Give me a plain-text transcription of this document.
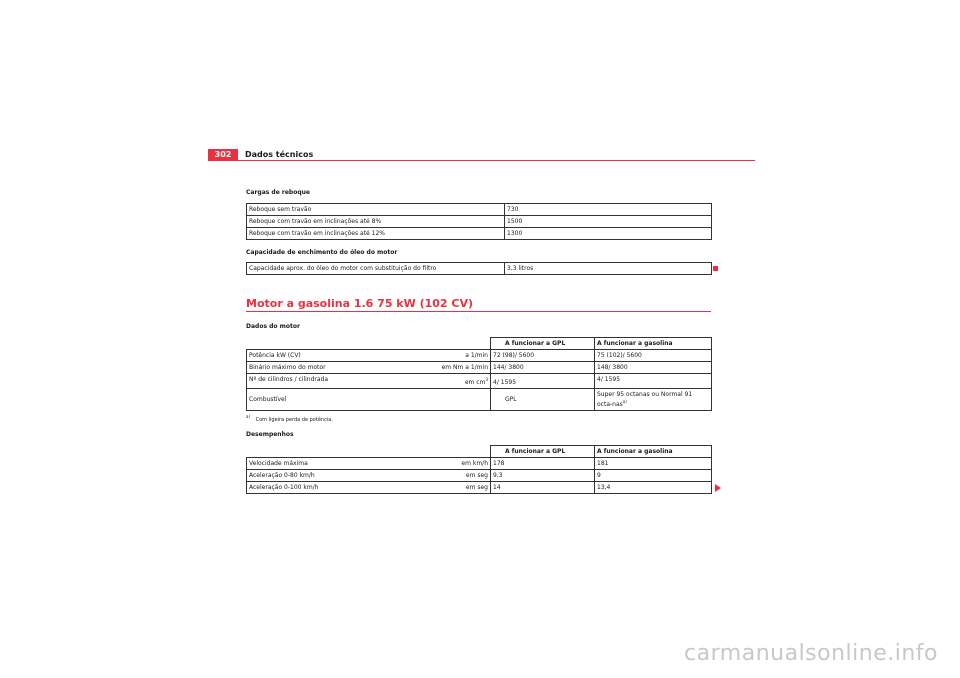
302	Dados técnicos
Cargas de reboque
Reboque sem travão	730
Reboque com travão em inclinações até 8%	1500
Reboque com travão em inclinações até 12%	1300
Capacidade de enchimento do óleo do motor
Capacidade aprox. do óleo do motor com substituição do filtro	3,3 litros
Motor a gasolina 1.6 75 kW (102 CV)
Dados do motor
		A funcionar a GPL	A funcionar a gasolina
Potência kW (CV)	a 1/min	72 (98)/ 5600	75 (102)/ 5600
Binário máximo do motor	em Nm a 1/min	144/ 3800	148/ 3800
Nº de cilindros / cilindrada	em $cm^3$	4/ 1595	4/ 1595
Combustível		GPL	Super 95 octanas ou Normal 91 octa-nas$^{a)}$
$^{a)}$ Com ligeira perda de potência.
Desempenhos
		A funcionar a GPL	A funcionar a gasolina
Velocidade máxima	em km/h	178	181
Aceleração 0-80 km/h	em seg	9,3	9
Aceleração 0-100 km/h	em seg	14	13,4
carmanualsonline.info
